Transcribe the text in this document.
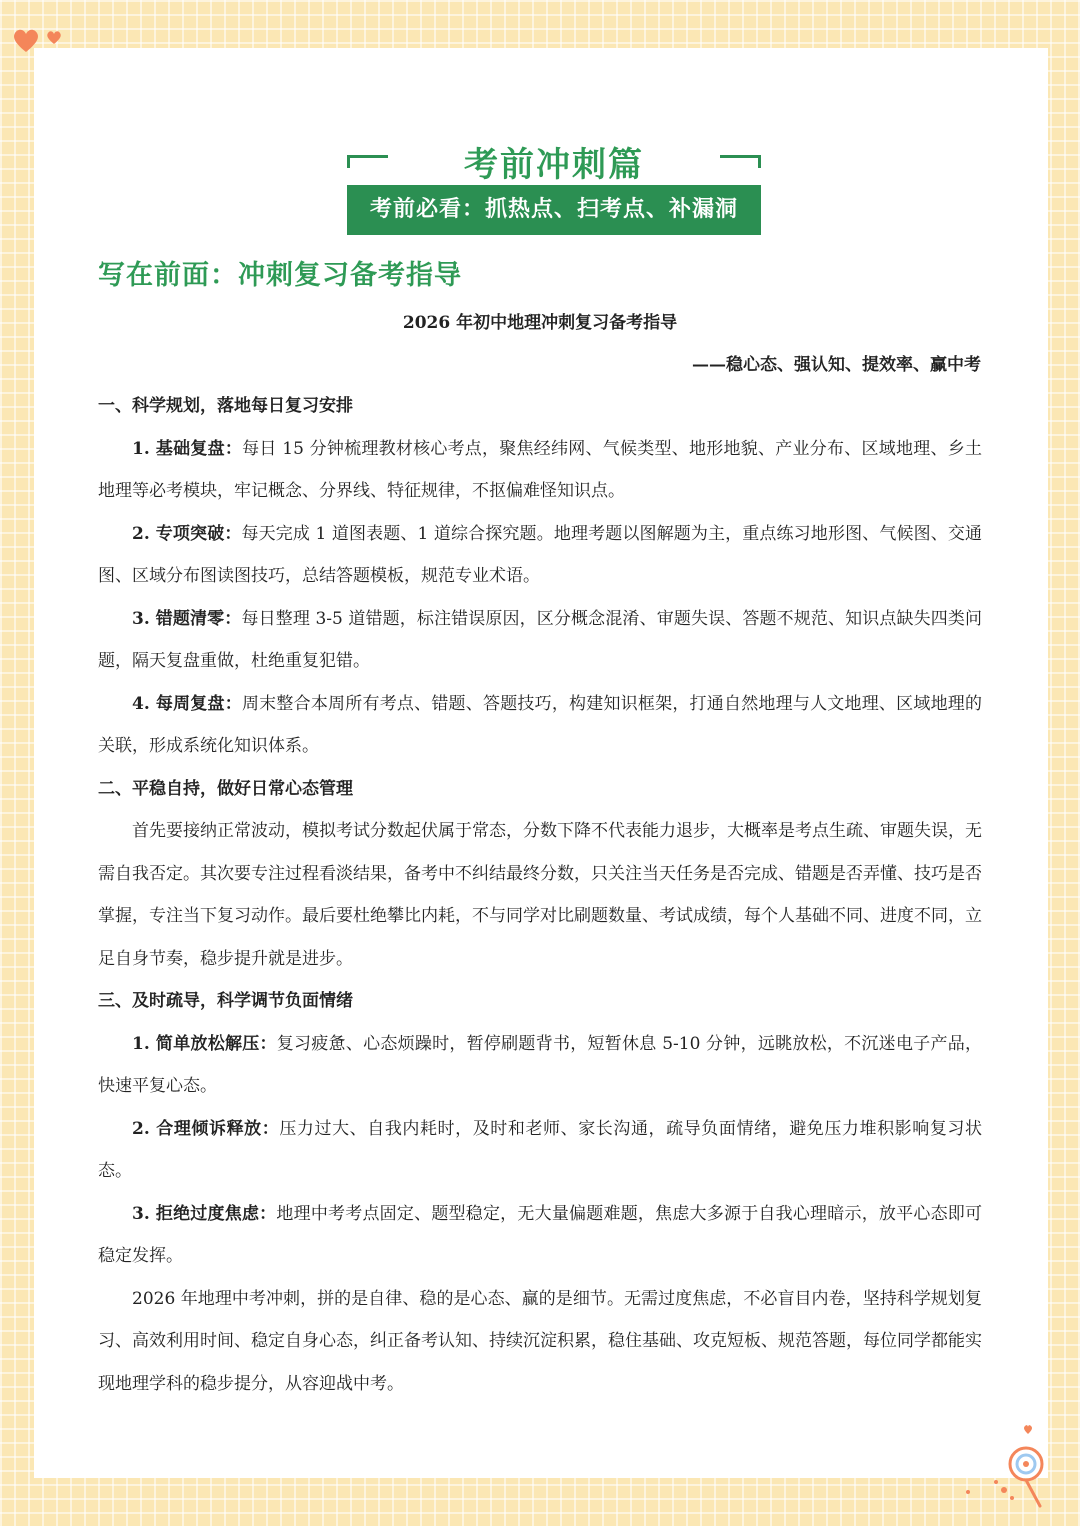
考前冲刺篇
考前必看：抓热点、扫考点、补漏洞
写在前面：冲刺复习备考指导
2026 年初中地理冲刺复习备考指导
——稳心态、强认知、提效率、赢中考

一、科学规划，落地每日复习安排

1. 基础复盘：每日 15 分钟梳理教材核心考点，聚焦经纬网、气候类型、地形地貌、产业分布、区域地理、乡土地理等必考模块，牢记概念、分界线、特征规律，不抠偏难怪知识点。

2. 专项突破：每天完成 1 道图表题、1 道综合探究题。地理考题以图解题为主，重点练习地形图、气候图、交通图、区域分布图读图技巧，总结答题模板，规范专业术语。

3. 错题清零：每日整理 3-5 道错题，标注错误原因，区分概念混淆、审题失误、答题不规范、知识点缺失四类问题，隔天复盘重做，杜绝重复犯错。

4. 每周复盘：周末整合本周所有考点、错题、答题技巧，构建知识框架，打通自然地理与人文地理、区域地理的关联，形成系统化知识体系。

二、平稳自持，做好日常心态管理

首先要接纳正常波动，模拟考试分数起伏属于常态，分数下降不代表能力退步，大概率是考点生疏、审题失误，无需自我否定。其次要专注过程看淡结果，备考中不纠结最终分数，只关注当天任务是否完成、错题是否弄懂、技巧是否掌握，专注当下复习动作。最后要杜绝攀比内耗，不与同学对比刷题数量、考试成绩，每个人基础不同、进度不同，立足自身节奏，稳步提升就是进步。

三、及时疏导，科学调节负面情绪

1. 简单放松解压：复习疲惫、心态烦躁时，暂停刷题背书，短暂休息 5-10 分钟，远眺放松，不沉迷电子产品，快速平复心态。

2. 合理倾诉释放：压力过大、自我内耗时，及时和老师、家长沟通，疏导负面情绪，避免压力堆积影响复习状态。

3. 拒绝过度焦虑：地理中考考点固定、题型稳定，无大量偏题难题，焦虑大多源于自我心理暗示，放平心态即可稳定发挥。

2026 年地理中考冲刺，拼的是自律、稳的是心态、赢的是细节。无需过度焦虑，不必盲目内卷，坚持科学规划复习、高效利用时间、稳定自身心态，纠正备考认知、持续沉淀积累，稳住基础、攻克短板、规范答题，每位同学都能实现地理学科的稳步提分，从容迎战中考。
